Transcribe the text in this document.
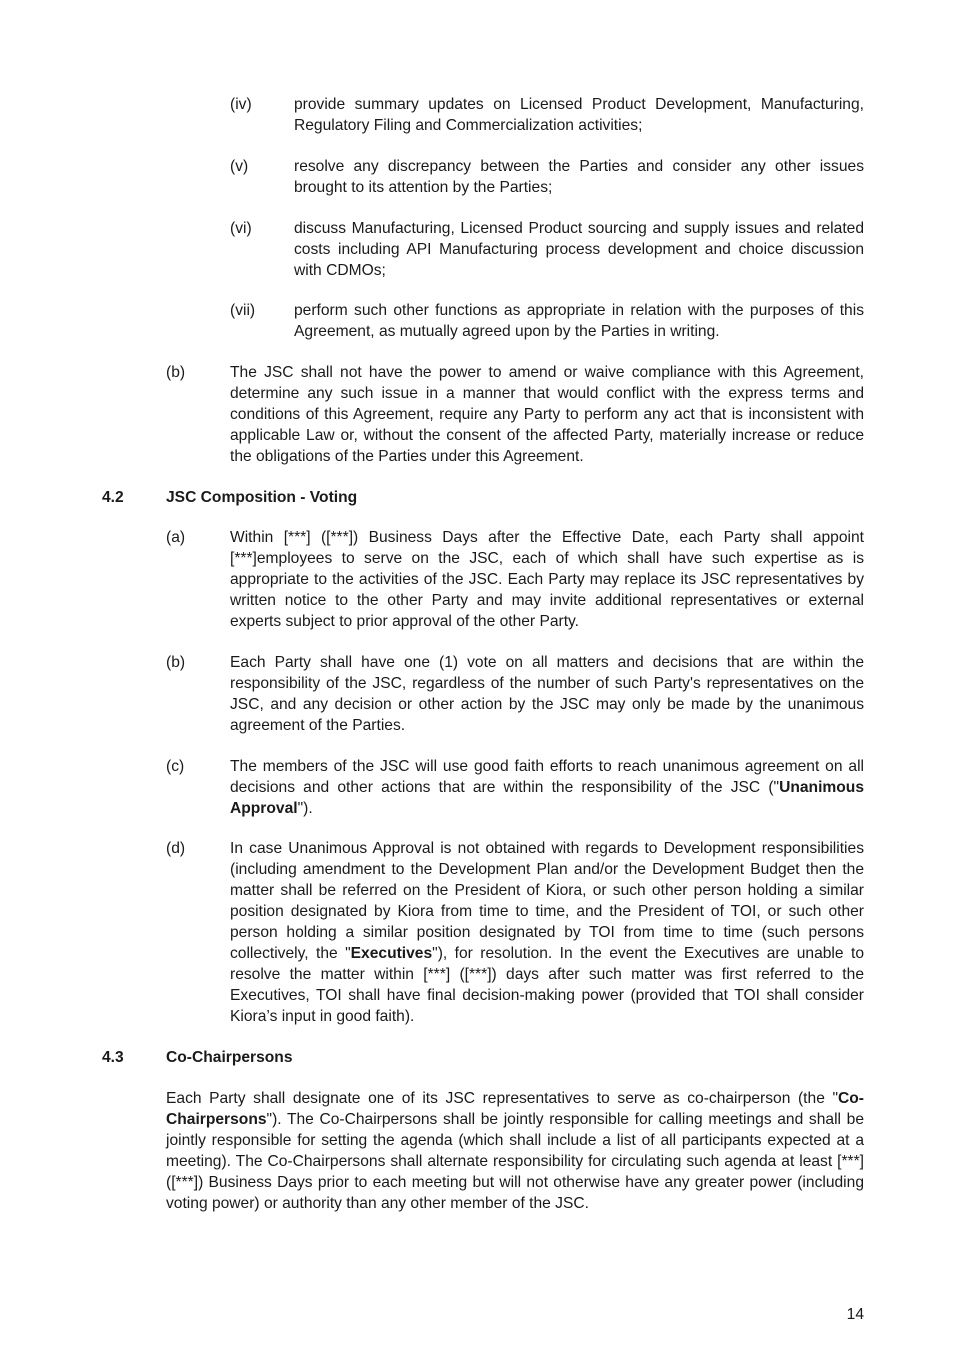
(iv)	provide summary updates on Licensed Product Development, Manufacturing, Regulatory Filing and Commercialization activities;

(v)	resolve any discrepancy between the Parties and consider any other issues brought to its attention by the Parties;

(vi)	discuss Manufacturing, Licensed Product sourcing and supply issues and related costs including API Manufacturing process development and choice discussion with CDMOs;

(vii) perform such other functions as appropriate in relation with the purposes of this Agreement, as mutually agreed upon by the Parties in writing.

(b)	The JSC shall not have the power to amend or waive compliance with this Agreement, determine any such issue in a manner that would conflict with the express terms and conditions of this Agreement, require any Party to perform any act that is inconsistent with applicable Law or, without the consent of the affected Party, materially increase or reduce the obligations of the Parties under this Agreement.

4.2	JSC Composition - Voting
(a)	Within [***] ([***]) Business Days after the Effective Date, each Party shall appoint [***]employees to serve on the JSC, each of which shall have such expertise as is appropriate to the activities of the JSC. Each Party may replace its JSC representatives by written notice to the other Party and may invite additional representatives or external experts subject to prior approval of the other Party.

(b)	Each Party shall have one (1) vote on all matters and decisions that are within the responsibility of the JSC, regardless of the number of such Party's representatives on the JSC, and any decision or other action by the JSC may only be made by the unanimous agreement of the Parties.

(c)	The members of the JSC will use good faith efforts to reach unanimous agreement on all decisions and other actions that are within the responsibility of the JSC ("Unanimous Approval").

(d)	In case Unanimous Approval is not obtained with regards to Development responsibilities (including amendment to the Development Plan and/or the Development Budget then the matter shall be referred on the President of Kiora, or such other person holding a similar position designated by Kiora from time to time, and the President of TOI, or such other person holding a similar position designated by TOI from time to time (such persons collectively, the "Executives"), for resolution. In the event the Executives are unable to resolve the matter within [***] ([***]) days after such matter was first referred to the Executives, TOI shall have final decision-making power (provided that TOI shall consider Kiora’s input in good faith).

4.3	Co-Chairpersons

Each Party shall designate one of its JSC representatives to serve as co-chairperson (the "Co-Chairpersons"). The Co-Chairpersons shall be jointly responsible for calling meetings and shall be jointly responsible for setting the agenda (which shall include a list of all participants expected at a meeting). The Co-Chairpersons shall alternate responsibility for circulating such agenda at least [***] ([***]) Business Days prior to each meeting but will not otherwise have any greater power (including voting power) or authority than any other member of the JSC.

14
